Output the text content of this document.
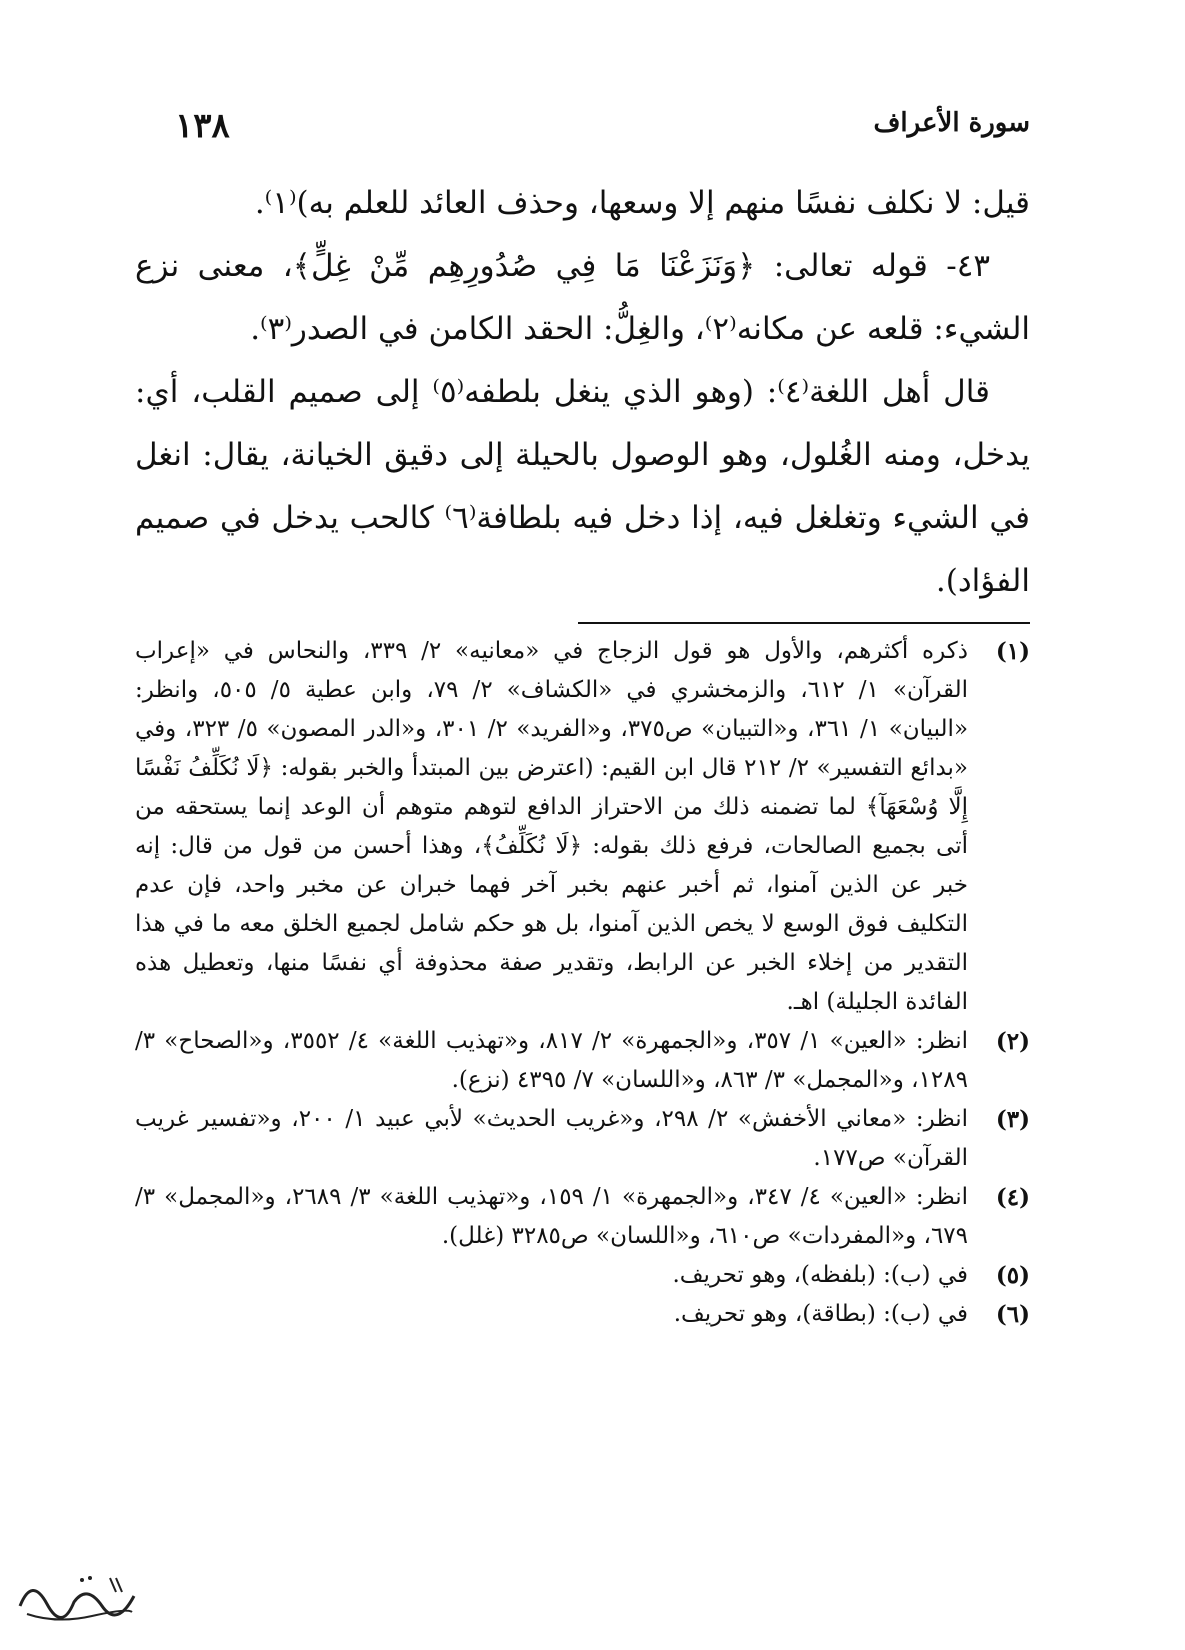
سورة الأعراف
١٣٨

قيل: لا نكلف نفسًا منهم إلا وسعها، وحذف العائد للعلم به)⁽١⁾.

٤٣- قوله تعالى: ﴿وَنَزَعْنَا مَا فِي صُدُورِهِم مِّنْ غِلٍّ﴾، معنى نزع الشيء: قلعه عن مكانه⁽٢⁾، والغِلُّ: الحقد الكامن في الصدر⁽٣⁾.

قال أهل اللغة⁽٤⁾: (وهو الذي ينغل بلطفه⁽٥⁾ إلى صميم القلب، أي: يدخل، ومنه الغُلول، وهو الوصول بالحيلة إلى دقيق الخيانة، يقال: انغل في الشيء وتغلغل فيه، إذا دخل فيه بلطافة⁽٦⁾ كالحب يدخل في صميم الفؤاد).

(١)
ذكره أكثرهم، والأول هو قول الزجاج في «معانيه» ٢/ ٣٣٩، والنحاس في «إعراب القرآن» ١/ ٦١٢، والزمخشري في «الكشاف» ٢/ ٧٩، وابن عطية ٥/ ٥٠٥، وانظر: «البيان» ١/ ٣٦١، و«التبيان» ص٣٧٥، و«الفريد» ٢/ ٣٠١، و«الدر المصون» ٥/ ٣٢٣، وفي «بدائع التفسير» ٢/ ٢١٢ قال ابن القيم: (اعترض بين المبتدأ والخبر بقوله: ﴿لَا نُكَلِّفُ نَفْسًا إِلَّا وُسْعَهَآ﴾ لما تضمنه ذلك من الاحتراز الدافع لتوهم متوهم أن الوعد إنما يستحقه من أتى بجميع الصالحات، فرفع ذلك بقوله: ﴿لَا نُكَلِّفُ﴾، وهذا أحسن من قول من قال: إنه خبر عن الذين آمنوا، ثم أخبر عنهم بخبر آخر فهما خبران عن مخبر واحد، فإن عدم التكليف فوق الوسع لا يخص الذين آمنوا، بل هو حكم شامل لجميع الخلق معه ما في هذا التقدير من إخلاء الخبر عن الرابط، وتقدير صفة محذوفة أي نفسًا منها، وتعطيل هذه الفائدة الجليلة) اهـ.
(٢)
انظر: «العين» ١/ ٣٥٧، و«الجمهرة» ٢/ ٨١٧، و«تهذيب اللغة» ٤/ ٣٥٥٢، و«الصحاح» ٣/ ١٢٨٩، و«المجمل» ٣/ ٨٦٣، و«اللسان» ٧/ ٤٣٩٥ (نزع).
(٣)
انظر: «معاني الأخفش» ٢/ ٢٩٨، و«غريب الحديث» لأبي عبيد ١/ ٢٠٠، و«تفسير غريب القرآن» ص١٧٧.
(٤)
انظر: «العين» ٤/ ٣٤٧، و«الجمهرة» ١/ ١٥٩، و«تهذيب اللغة» ٣/ ٢٦٨٩، و«المجمل» ٣/ ٦٧٩، و«المفردات» ص٦١٠، و«اللسان» ص٣٢٨٥ (غلل).
(٥)
في (ب): (بلفظه)، وهو تحريف.
(٦)
في (ب): (بطاقة)، وهو تحريف.
